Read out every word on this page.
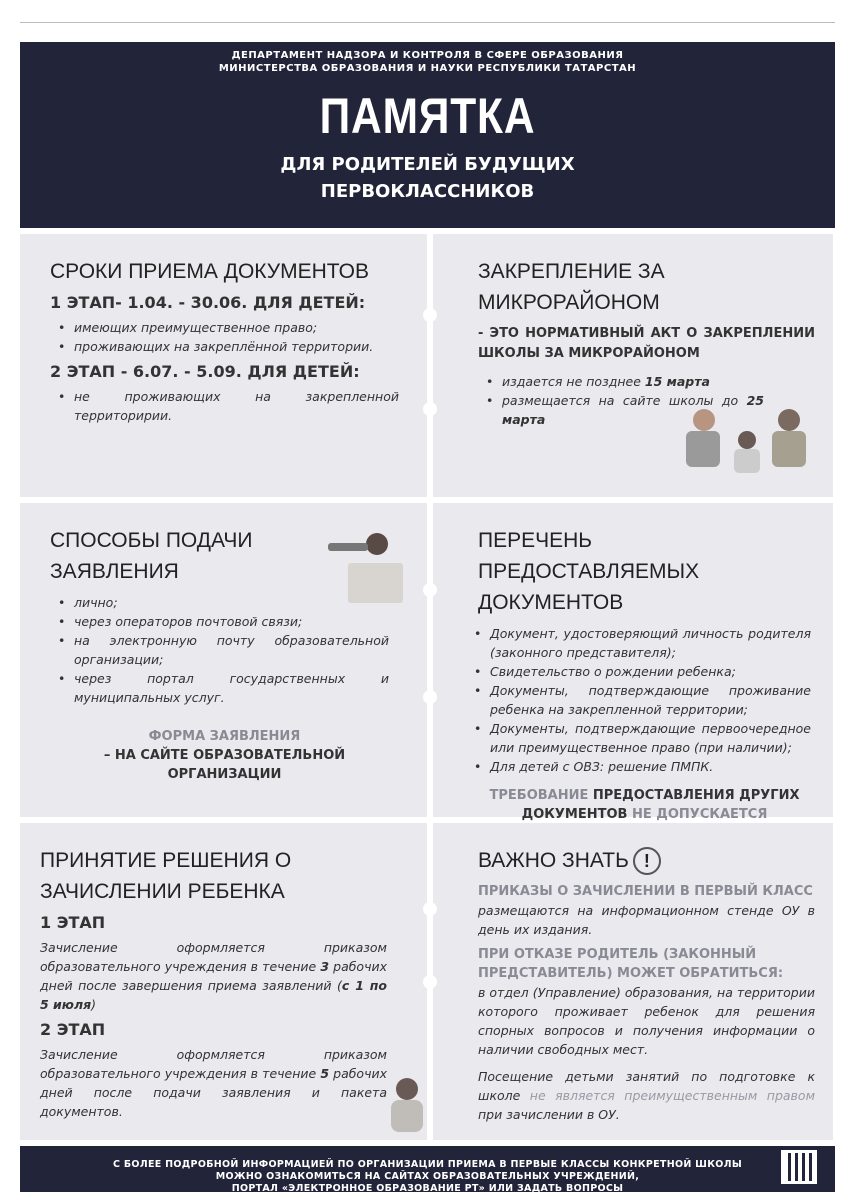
ДЕПАРТАМЕНТ НАДЗОРА И КОНТРОЛЯ В СФЕРЕ ОБРАЗОВАНИЯ
МИНИСТЕРСТВА ОБРАЗОВАНИЯ И НАУКИ РЕСПУБЛИКИ ТАТАРСТАН
ПАМЯТКА
ДЛЯ РОДИТЕЛЕЙ БУДУЩИХ
ПЕРВОКЛАССНИКОВ
СРОКИ ПРИЕМА ДОКУМЕНТОВ
1 ЭТАП- 1.04. - 30.06. ДЛЯ ДЕТЕЙ:
• имеющих преимущественное право;
• проживающих на закреплённой территории.
2 ЭТАП - 6.07. - 5.09. ДЛЯ ДЕТЕЙ:
• не проживающих на закрепленной территоририи.
ЗАКРЕПЛЕНИЕ ЗА МИКРОРАЙОНОМ

- ЭТО НОРМАТИВНЫЙ АКТ О ЗАКРЕПЛЕНИИ ШКОЛЫ ЗА МИКРОРАЙОНОМ

• издается не позднее 15 марта
• размещается на сайте школы до 25 марта
СПОСОБЫ ПОДАЧИ
ЗАЯВЛЕНИЯ
• лично;
• через операторов почтовой связи;
• на электронную почту образовательной организации;
• через портал государственных и муниципальных услуг.
ФОРМА ЗАЯВЛЕНИЯ
– НА САЙТЕ ОБРАЗОВАТЕЛЬНОЙ ОРГАНИЗАЦИИ
ПЕРЕЧЕНЬ ПРЕДОСТАВЛЯЕМЫХ
ДОКУМЕНТОВ
• Документ, удостоверяющий личность родителя (законного представителя);
• Свидетельство о рождении ребенка;
• Документы, подтверждающие проживание ребенка на закрепленной территории;
• Документы, подтверждающие первоочередное или преимущественное право (при наличии);
• Для детей с ОВЗ: решение ПМПК.
ТРЕБОВАНИЕ ПРЕДОСТАВЛЕНИЯ ДРУГИХ ДОКУМЕНТОВ НЕ ДОПУСКАЕТСЯ
ПРИНЯТИЕ РЕШЕНИЯ О
ЗАЧИСЛЕНИИ РЕБЕНКА
1 ЭТАП

Зачисление оформляется приказом образовательного учреждения в течение 3 рабочих дней после завершения приема заявлений (с 1 по 5 июля)

2 ЭТАП

Зачисление оформляется приказом образовательного учреждения в течение 5 рабочих дней после подачи заявления и пакета документов.

ВАЖНО ЗНАТЬ !
ПРИКАЗЫ О ЗАЧИСЛЕНИИ В ПЕРВЫЙ КЛАСС

размещаются на информационном стенде ОУ в день их издания.

ПРИ ОТКАЗЕ РОДИТЕЛЬ (ЗАКОННЫЙ ПРЕДСТАВИТЕЛЬ) МОЖЕТ ОБРАТИТЬСЯ:

в отдел (Управление) образования, на территории которого проживает ребенок для решения спорных вопросов и получения информации о наличии свободных мест.

Посещение детьми занятий по подготовке к школе не является преимущественным правом при зачислении в ОУ.

С БОЛЕЕ ПОДРОБНОЙ ИНФОРМАЦИЕЙ ПО ОРГАНИЗАЦИИ ПРИЕМА В ПЕРВЫЕ КЛАССЫ КОНКРЕТНОЙ ШКОЛЫ
МОЖНО ОЗНАКОМИТЬСЯ НА САЙТАХ ОБРАЗОВАТЕЛЬНЫХ УЧРЕЖДЕНИЙ,
ПОРТАЛ «ЭЛЕКТРОННОЕ ОБРАЗОВАНИЕ РТ» ИЛИ ЗАДАТЬ ВОПРОСЫ
